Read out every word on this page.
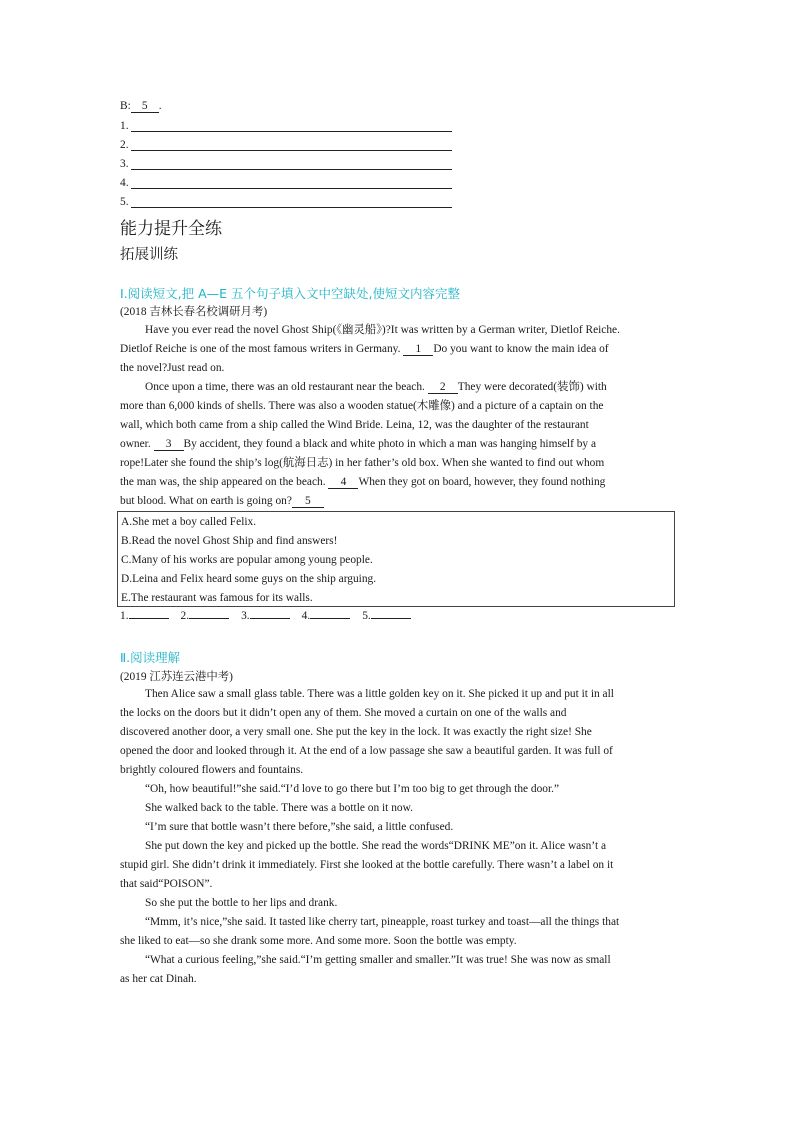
B: 5 .
1.
2.
3.
4.
5.
能力提升全练
拓展训练
Ⅰ.阅读短文,把 A—E 五个句子填入文中空缺处,使短文内容完整
(2018 吉林长春名校调研月考)
Have you ever read the novel Ghost Ship(《幽灵船》)?It was written by a German writer, Dietlof Reiche.
Dietlof Reiche is one of the most famous writers in Germany. 1 Do you want to know the main idea of
the novel?Just read on.
Once upon a time, there was an old restaurant near the beach. 2 They were decorated(装饰) with
more than 6,000 kinds of shells. There was also a wooden statue(木雕像) and a picture of a captain on the
wall, which both came from a ship called the Wind Bride. Leina, 12, was the daughter of the restaurant
owner. 3 By accident, they found a black and white photo in which a man was hanging himself by a
rope!Later she found the ship’s log(航海日志) in her father’s old box. When she wanted to find out whom
the man was, the ship appeared on the beach. 4 When they got on board, however, they found nothing
but blood. What on earth is going on? 5
A.She met a boy called Felix.
B.Read the novel Ghost Ship and find answers!
C.Many of his works are popular among young people.
D.Leina and Felix heard some guys on the ship arguing.
E.The restaurant was famous for its walls.
1.	2.	3.	4.	5.
Ⅱ.阅读理解
(2019 江苏连云港中考)
Then Alice saw a small glass table. There was a little golden key on it. She picked it up and put it in all
the locks on the doors but it didn’t open any of them. She moved a curtain on one of the walls and
discovered another door, a very small one. She put the key in the lock. It was exactly the right size! She
opened the door and looked through it. At the end of a low passage she saw a beautiful garden. It was full of
brightly coloured flowers and fountains.
“Oh, how beautiful!”she said.“I’d love to go there but I’m too big to get through the door.”
She walked back to the table. There was a bottle on it now.
“I’m sure that bottle wasn’t there before,”she said, a little confused.
She put down the key and picked up the bottle. She read the words“DRINK ME”on it. Alice wasn’t a
stupid girl. She didn’t drink it immediately. First she looked at the bottle carefully. There wasn’t a label on it
that said“POISON”.
So she put the bottle to her lips and drank.
“Mmm, it’s nice,”she said. It tasted like cherry tart, pineapple, roast turkey and toast—all the things that
she liked to eat—so she drank some more. And some more. Soon the bottle was empty.
“What a curious feeling,”she said.“I’m getting smaller and smaller.”It was true! She was now as small
as her cat Dinah.
